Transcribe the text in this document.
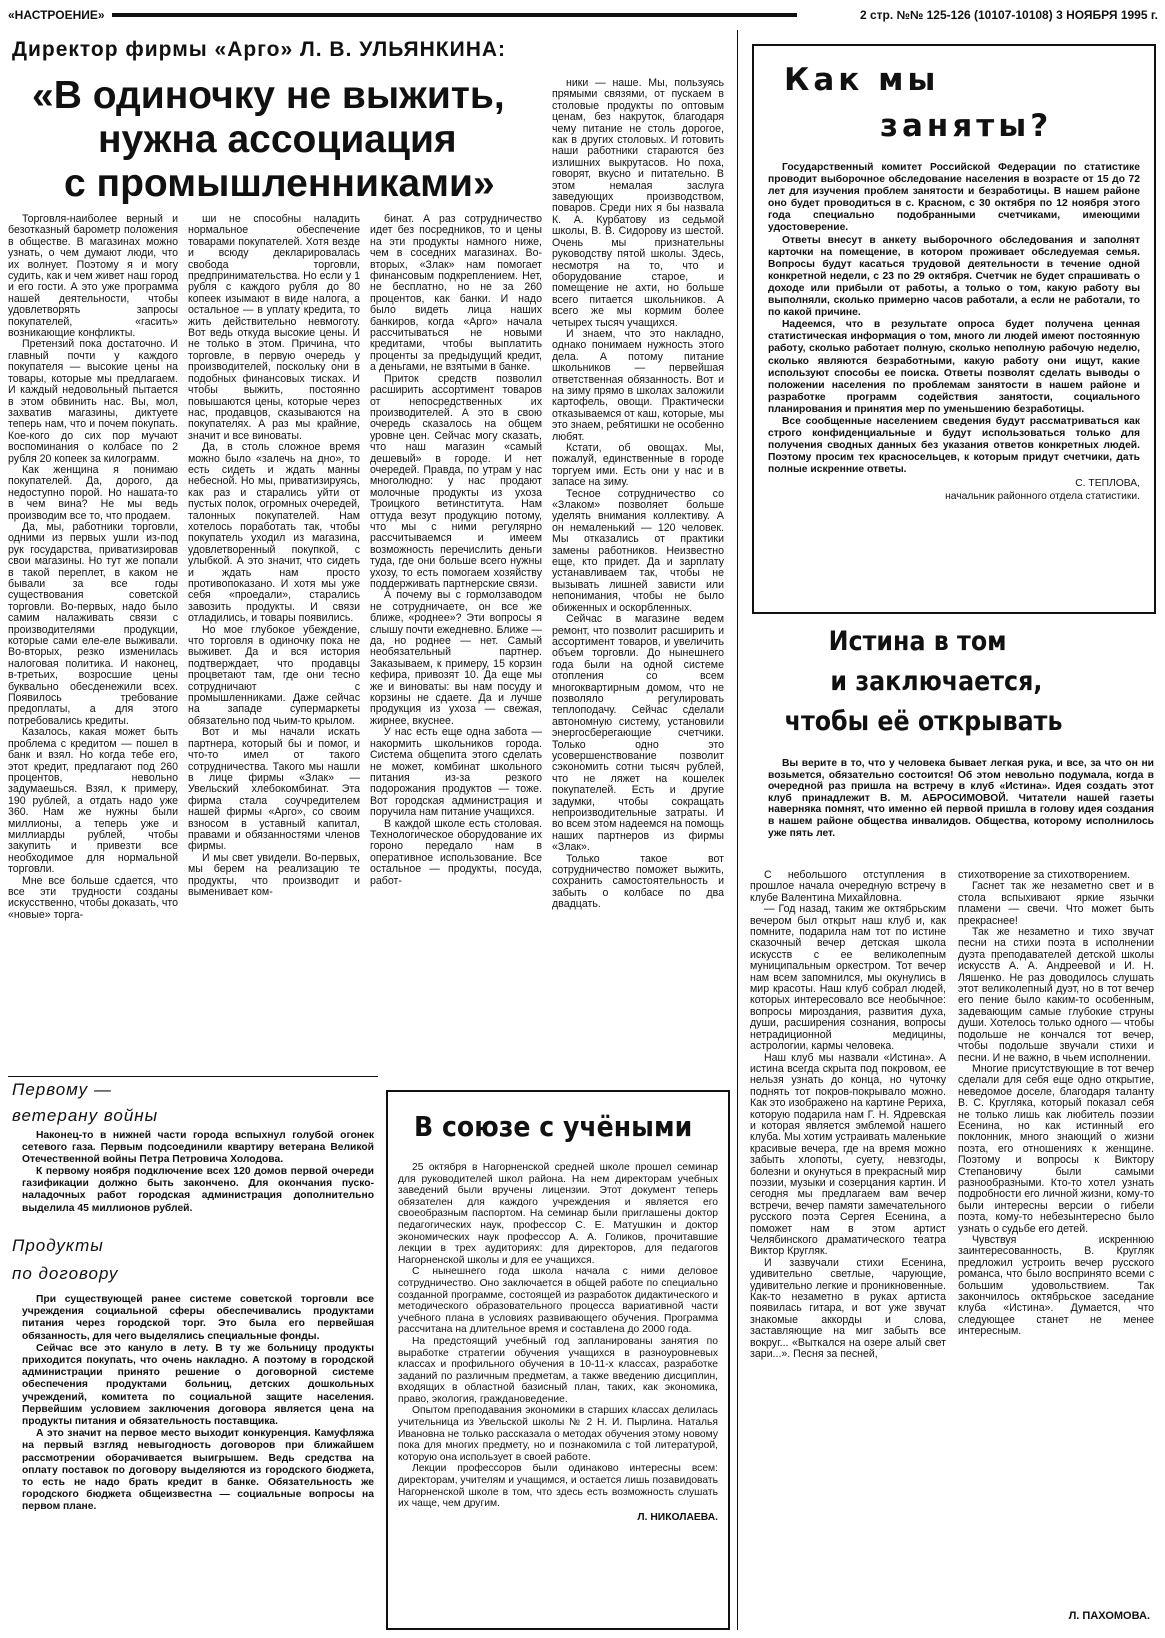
«НАСТРОЕНИЕ»	2 стр. №№ 125-126 (10107-10108) 3 НОЯБРЯ 1995 г.
Директор фирмы «Арго» Л. В. УЛЬЯНКИНА:
«В одиночку не выжить,
нужна ассоциация
с промышленниками»

Торговля-наиболее верный и безотказный барометр положения в обществе. В магазинах можно узнать, о чем думают люди, что их волнует. Поэтому я и могу судить, как и чем живет наш город и его гости. А это уже программа нашей деятельности, чтобы удовлетворять запросы покупателей, «гасить» возникающие конфликты.

Претензий пока достаточно. И главный почти у каждого покупателя — высокие цены на товары, которые мы предлагаем. И каждый недовольный пытается в этом обвинить нас. Вы, мол, захватив магазины, диктуете теперь нам, что и почем покупать. Кое-кого до сих пор мучают воспоминания о колбасе по 2 рубля 20 копеек за килограмм.

Как женщина я понимаю покупателей. Да, дорого, да недоступно порой. Но нашата-то в чем вина? Не мы ведь производим все то, что продаем.

Да, мы, работники торговли, одними из первых ушли из-под рук государства, приватизировав свои магазины. Но тут же попали в такой переплет, в каком не бывали за все годы существования советской торговли. Во-первых, надо было самим налаживать связи с производителями продукции, которые сами еле-еле выживали. Во-вторых, резко изменилась налоговая политика. И наконец, в-третьих, возросшие цены буквально обесденежили всех. Появилось требование предоплаты, а для этого потребовались кредиты.

Казалось, какая может быть проблема с кредитом — пошел в банк и взял. Но когда тебе его, этот кредит, предлагают под 260 процентов, невольно задумаешься. Взял, к примеру, 190 рублей, а отдать надо уже 360. Нам же нужны были миллионы, а теперь уже и миллиарды рублей, чтобы закупить и привезти все необходимое для нормальной торговли.

Мне все больше сдается, что все эти трудности созданы искусственно, чтобы доказать, что «новые» торга-

ши не способны наладить нормальное обеспечение товарами покупателей. Хотя везде и всюду декларировалась свобода торговли, предпринимательства. Но если у 1 рубля с каждого рубля до 80 копеек изымают в виде налога, а остальное — в уплату кредита, то жить действительно невмоготу. Вот ведь откуда высокие цены. И не только в этом. Причина, что торговле, в первую очередь у производителей, поскольку они в подобных финансовых тисках. И чтобы выжить, постоянно повышаются цены, которые через нас, продавцов, сказываются на покупателях. А раз мы крайние, значит и все виноваты.

Да, в столь сложное время можно было «залечь на дно», то есть сидеть и ждать манны небесной. Но мы, приватизируясь, как раз и старались уйти от пустых полок, огромных очередей, талонных покупателей. Нам хотелось поработать так, чтобы покупатель уходил из магазина, удовлетворенный покупкой, с улыбкой. А это значит, что сидеть и ждать нам просто противопоказано. И хотя мы уже себя «проедали», старались завозить продукты. И связи отладились, и товары появились.

Но мое глубокое убеждение, что торговля в одиночку пока не выживет. Да и вся история подтверждает, что продавцы процветают там, где они тесно сотрудничают с промышленниками. Даже сейчас на западе супермаркеты обязательно под чьим-то крылом.

Вот и мы начали искать партнера, который бы и помог, и что-то имел от такого сотрудничества. Такого мы нашли в лице фирмы «Злак» — Увельский хлебокомбинат. Эта фирма стала соучредителем нашей фирмы «Арго», со своим взносом в уставный капитал, правами и обязанностями членов фирмы.

И мы свет увидели. Во-первых, мы берем на реализацию те продукты, что производит и вымениваeт ком-

бинат. А раз сотрудничество идет без посредников, то и цены на эти продукты намного ниже, чем в соседних магазинах. Во-вторых, «Злак» нам помогает финансовым подкреплением. Нет, не бесплатно, но не за 260 процентов, как банки. И надо было видеть лица наших банкиров, когда «Арго» начала рассчитываться не новыми кредитами, чтобы выплатить проценты за предыдущий кредит, а деньгами, не взятыми в банке.

Приток средств позволил расширить ассортимент товаров от непосредственных их производителей. А это в свою очередь сказалось на общем уровне цен. Сейчас могу сказать, что наш магазин «самый дешевый» в городе. И нет очередей. Правда, по утрам у нас многолюдно: у нас продают молочные продукты из ухоза Троицкого ветинститута. Нам оттуда везут продукцию потому, что мы с ними регулярно рассчитываемся и имеем возможность перечислить деньги туда, где они больше всего нужны ухозу, то есть помогаем хозяйству поддерживать партнерские связи.

А почему вы с гормолзаводом не сотрудничаете, он все же ближе, «роднее»? Эти вопросы я слышу почти ежедневно. Ближе — да, но роднее — нет. Самый необязательный партнер. Заказываем, к примеру, 15 корзин кефира, привозят 10. Да еще мы же и виноваты: вы нам посуду и корзины не сдаете. Да и лучше продукция из ухоза — свежая, жирнее, вкуснее.

У нас есть еще одна забота — накормить школьников города. Система общепита этого сделать не может, комбинат школьного питания из-за резкого подорожания продуктов — тоже. Вот городская администрация и поручила нам питание учащихся.

В каждой школе есть столовая. Технологическое оборудование их гороно передало нам в оперативное использование. Все остальное — продукты, посуда, работ-

ники — наше. Мы, пользуясь прямыми связями, от пускаем в столовые продукты по оптовым ценам, без накруток, благодаря чему питание не столь дорогое, как в других столовых. И готовить наши работники стараются без излишних выкрутасов. Но поха, говорят, вкусно и питательно. В этом немалая заслуга заведующих производством, поваров. Среди них я бы назвала К. А. Курбатову из седьмой школы, В. В. Сидорову из шестой. Очень мы признательны руководству пятой школы. Здесь, несмотря на то, что и оборудование старое, и помещение не ахти, но больше всего питается школьников. А всего же мы кормим более четырех тысяч учащихся.

И знаем, что это накладно, однако понимаем нужность этого дела. А потому питание школьников — первейшая ответственная обязанность. Вот и на зиму прямо в школах заложили картофель, овощи. Практически отказываемся от каш, которые, мы это знаем, ребятишки не особенно любят.

Кстати, об овощах. Мы, пожалуй, единственные в городе торгуем ими. Есть они у нас и в запасе на зиму.

Тесное сотрудничество со «Злаком» позволяет больше уделять внимания коллективу. А он немаленький — 120 человек. Мы отказались от практики замены работников. Неизвестно еще, кто придет. Да и зарплату устанавливаем так, чтобы не вызывать лишней зависти или непонимания, чтобы не было обиженных и оскорбленных.

Сейчас в магазине ведем ремонт, что позволит расширить и ассортимент товаров, и увеличить объем торговли. До нынешнего года были на одной системе отопления со всем многоквартирным домом, что не позволяло регулировать теплоподачу. Сейчас сделали автономную систему, установили энергосберегающие счетчики. Только одно это усовершенствование позволит сэкономить сотни тысяч рублей, что не ляжет на кошелек покупателей. Есть и другие задумки, чтобы сокращать непроизводительные затраты. И во всем этом надеемся на помощь наших партнеров из фирмы «Злак».

Только такое вот сотрудничество поможет выжить, сохранить самостоятельность и забыть о колбасе по два двадцать.

Как мы
заняты?

Государственный комитет Российской Федерации по статистике проводит выборочное обследование населения в возрасте от 15 до 72 лет для изучения проблем занятости и безработицы. В нашем районе оно будет проводиться в с. Красном, с 30 октября по 12 ноября этого года специально подобранными счетчиками, имеющими удостоверение.

Ответы внесут в анкету выборочного обследования и заполнят карточки на помещение, в котором проживает обследуемая семья. Вопросы будут касаться трудовой деятельности в течение одной конкретной недели, с 23 по 29 октября. Счетчик не будет спрашивать о доходе или прибыли от работы, а только о том, какую работу вы выполняли, сколько примерно часов работали, а если не работали, то по какой причине.

Надеемся, что в результате опроса будет получена ценная статистическая информация о том, много ли людей имеют постоянную работу, сколько работает полную, сколько неполную рабочую неделю, сколько являются безработными, какую работу они ищут, какие используют способы ее поиска. Ответы позволят сделать выводы о положении населения по проблемам занятости в нашем районе и разработке программ содействия занятости, социального планирования и принятия мер по уменьшению безработицы.

Все сообщенные населением сведения будут рассматриваться как строго конфиденциальные и будут использоваться только для получения сводных данных без указания ответов конкретных людей. Поэтому просим тех красносельцев, к которым придут счетчики, дать полные искренние ответы.

С. ТЕПЛОВА,
начальник районного отдела статистики.
Истина в том
и заключается,
чтобы её открывать
Вы верите в то, что у человека бывает легкая рука, и все, за что он ни возьмется, обязательно состоится! Об этом невольно подумала, когда в очередной раз пришла на встречу в клуб «Истина». Идея создать этот клуб принадлежит В. М. АБРОСИМОВОЙ. Читатели нашей газеты наверняка помнят, что именно ей первой пришла в голову идея создания в нашем районе общества инвалидов. Общества, которому исполнилось уже пять лет.

С небольшого отступления в прошлое начала очередную встречу в клубе Валентина Михайловна.

— Год назад, таким же октябрьским вечером был открыт наш клуб и, как помните, подарила нам тот по истине сказочный вечер детская школа искусств с ее великолепным муниципальным оркестром. Тот вечер нам всем запомнился, мы окунулись в мир красоты. Наш клуб собрал людей, которых интересовало все необычное: вопросы мироздания, развития духа, души, расширения сознания, вопросы нетрадиционной медицины, астрологии, кармы человека.

Наш клуб мы назвали «Истина». А истина всегда скрыта под покровом, ее нельзя узнать до конца, но чуточку поднять тот покров-покрывало можно. Как это изображено на картине Рериха, которую подарила нам Г. Н. Ядревская и которая является эмблемой нашего клуба. Мы хотим устраивать маленькие красивые вечера, где на время можно забыть хлопоты, суету, невзгоды, болезни и окунуться в прекрасный мир поэзии, музыки и созерцания картин. И сегодня мы предлагаем вам вечер встречи, вечер памяти замечательного русского поэта Сергея Есенина, а поможет нам в этом артист Челябинского драматического театра Виктор Кругляк.

И зазвучали стихи Есенина, удивительно светлые, чарующие, удивительно легкие и проникновенные. Как-то незаметно в руках артиста появилась гитара, и вот уже звучат знакомые аккорды и слова, заставляющие на миг забыть все вокруг... «Выткался на озере алый свет зари...». Песня за песней,

стихотворение за стихотворением.

Гаснет так же незаметно свет и в стола вспыхивают яркие язычки пламени — свечи. Что может быть прекраснее!

Так же незаметно и тихо звучат песни на стихи поэта в исполнении дуэта преподавателей детской школы искусств А. А. Андреевой и И. Н. Ляшенко. Не раз доводилось слушать этот великолепный дуэт, но в тот вечер его пение было каким-то особенным, задевающим самые глубокие струны души. Хотелось только одного — чтобы подольше не кончался тот вечер, чтобы подольше звучали стихи и песни. И не важно, в чьем исполнении.

Многие присутствующие в тот вечер сделали для себя еще одно открытие, неведомое доселе, благодаря таланту В. С. Кругляка, который показал себя не только лишь как любитель поэзии Есенина, но как истинный его поклонник, много знающий о жизни поэта, его отношениях к женщине. Поэтому и вопросы к Виктору Степановичу были самыми разнообразными. Кто-то хотел узнать подробности его личной жизни, кому-то были интересны версии о гибели поэта, кому-то небезынтересно было узнать о судьбе его детей.

Чувствуя искреннюю заинтересованность, В. Кругляк предложил устроить вечер русского романса, что было воспринято всеми с большим удовольствием. Так закончилось октябрьское заседание клуба «Истина». Думается, что следующее станет не менее интересным.

Л. ПАХОМОВА.
Первому —
ветерану войны

Наконец-то в нижней части города вспыхнул голубой огонек сетевого газа. Первым подсоединили квартиру ветерана Великой Отечественной войны Петра Петровича Холодова.

К первому ноября подключение всех 120 домов первой очереди газификации должно быть закончено. Для окончания пуско-наладочных работ городская администрация дополнительно выделила 45 миллионов рублей.

Продукты
по договору

При существующей ранее системе советской торговли все учреждения социальной сферы обеспечивались продуктами питания через городской торг. Это была его первейшая обязанность, для чего выделялись специальные фонды.

Сейчас все это кануло в лету. В ту же больницу продукты приходится покупать, что очень накладно. А поэтому в городской администрации принято решение о договорной системе обеспечения продуктами больниц, детских дошкольных учреждений, комитета по социальной защите населения. Первейшим условием заключения договора является цена на продукты питания и обязательность поставщика.

А это значит на первое место выходит конкуренция. Камуфляжа на первый взгляд невыгодность договоров при ближайшем рассмотрении оборачивается выигрышем. Ведь средства на оплату поставок по договору выделяются из городского бюджета, то есть не надо брать кредит в банке. Обязательность же городского бюджета общеизвестна — социальные вопросы на первом плане.

В союзе с учёными

25 октября в Нагорненской средней школе прошел семинар для руководителей школ района. На нем директорам учебных заведений были вручены лицензии. Этот документ теперь обязателен для каждого учреждения и является его своеобразным паспортом. На семинар были приглашены доктор педагогических наук, профессор С. Е. Матушкин и доктор экономических наук профессор А. А. Голиков, прочитавшие лекции в трех аудиториях: для директоров, для педагогов Нагорненской школы и для ее учащихся.

С нынешнего года школа начала с ними деловое сотрудничество. Оно заключается в общей работе по специально созданной программе, состоящей из разработок дидактического и методического образовательного процесса вариативной части учебного плана в условиях развивающего обучения. Программа рассчитана на длительное время и составлена до 2000 года.

На предстоящий учебный год запланированы занятия по выработке стратегии обучения учащихся в разноуровневых классах и профильного обучения в 10-11-х классах, разработке заданий по различным предметам, а также введению дисциплин, входящих в областной базисный план, таких, как экономика, право, экология, граждановедение.

Опытом преподавания экономики в старших классах делилась учительница из Увельской школы № 2 Н. И. Пырлина. Наталья Ивановна не только рассказала о методах обучения этому новому пока для многих предмету, но и познакомила с той литературой, которую она использует в своей работе.

Лекции профессоров были одинаково интересны всем: директорам, учителям и учащимся, и остается лишь позавидовать Нагорненской школе в том, что здесь есть возможность слушать их чаще, чем другим.

Л. НИКОЛАЕВА.
